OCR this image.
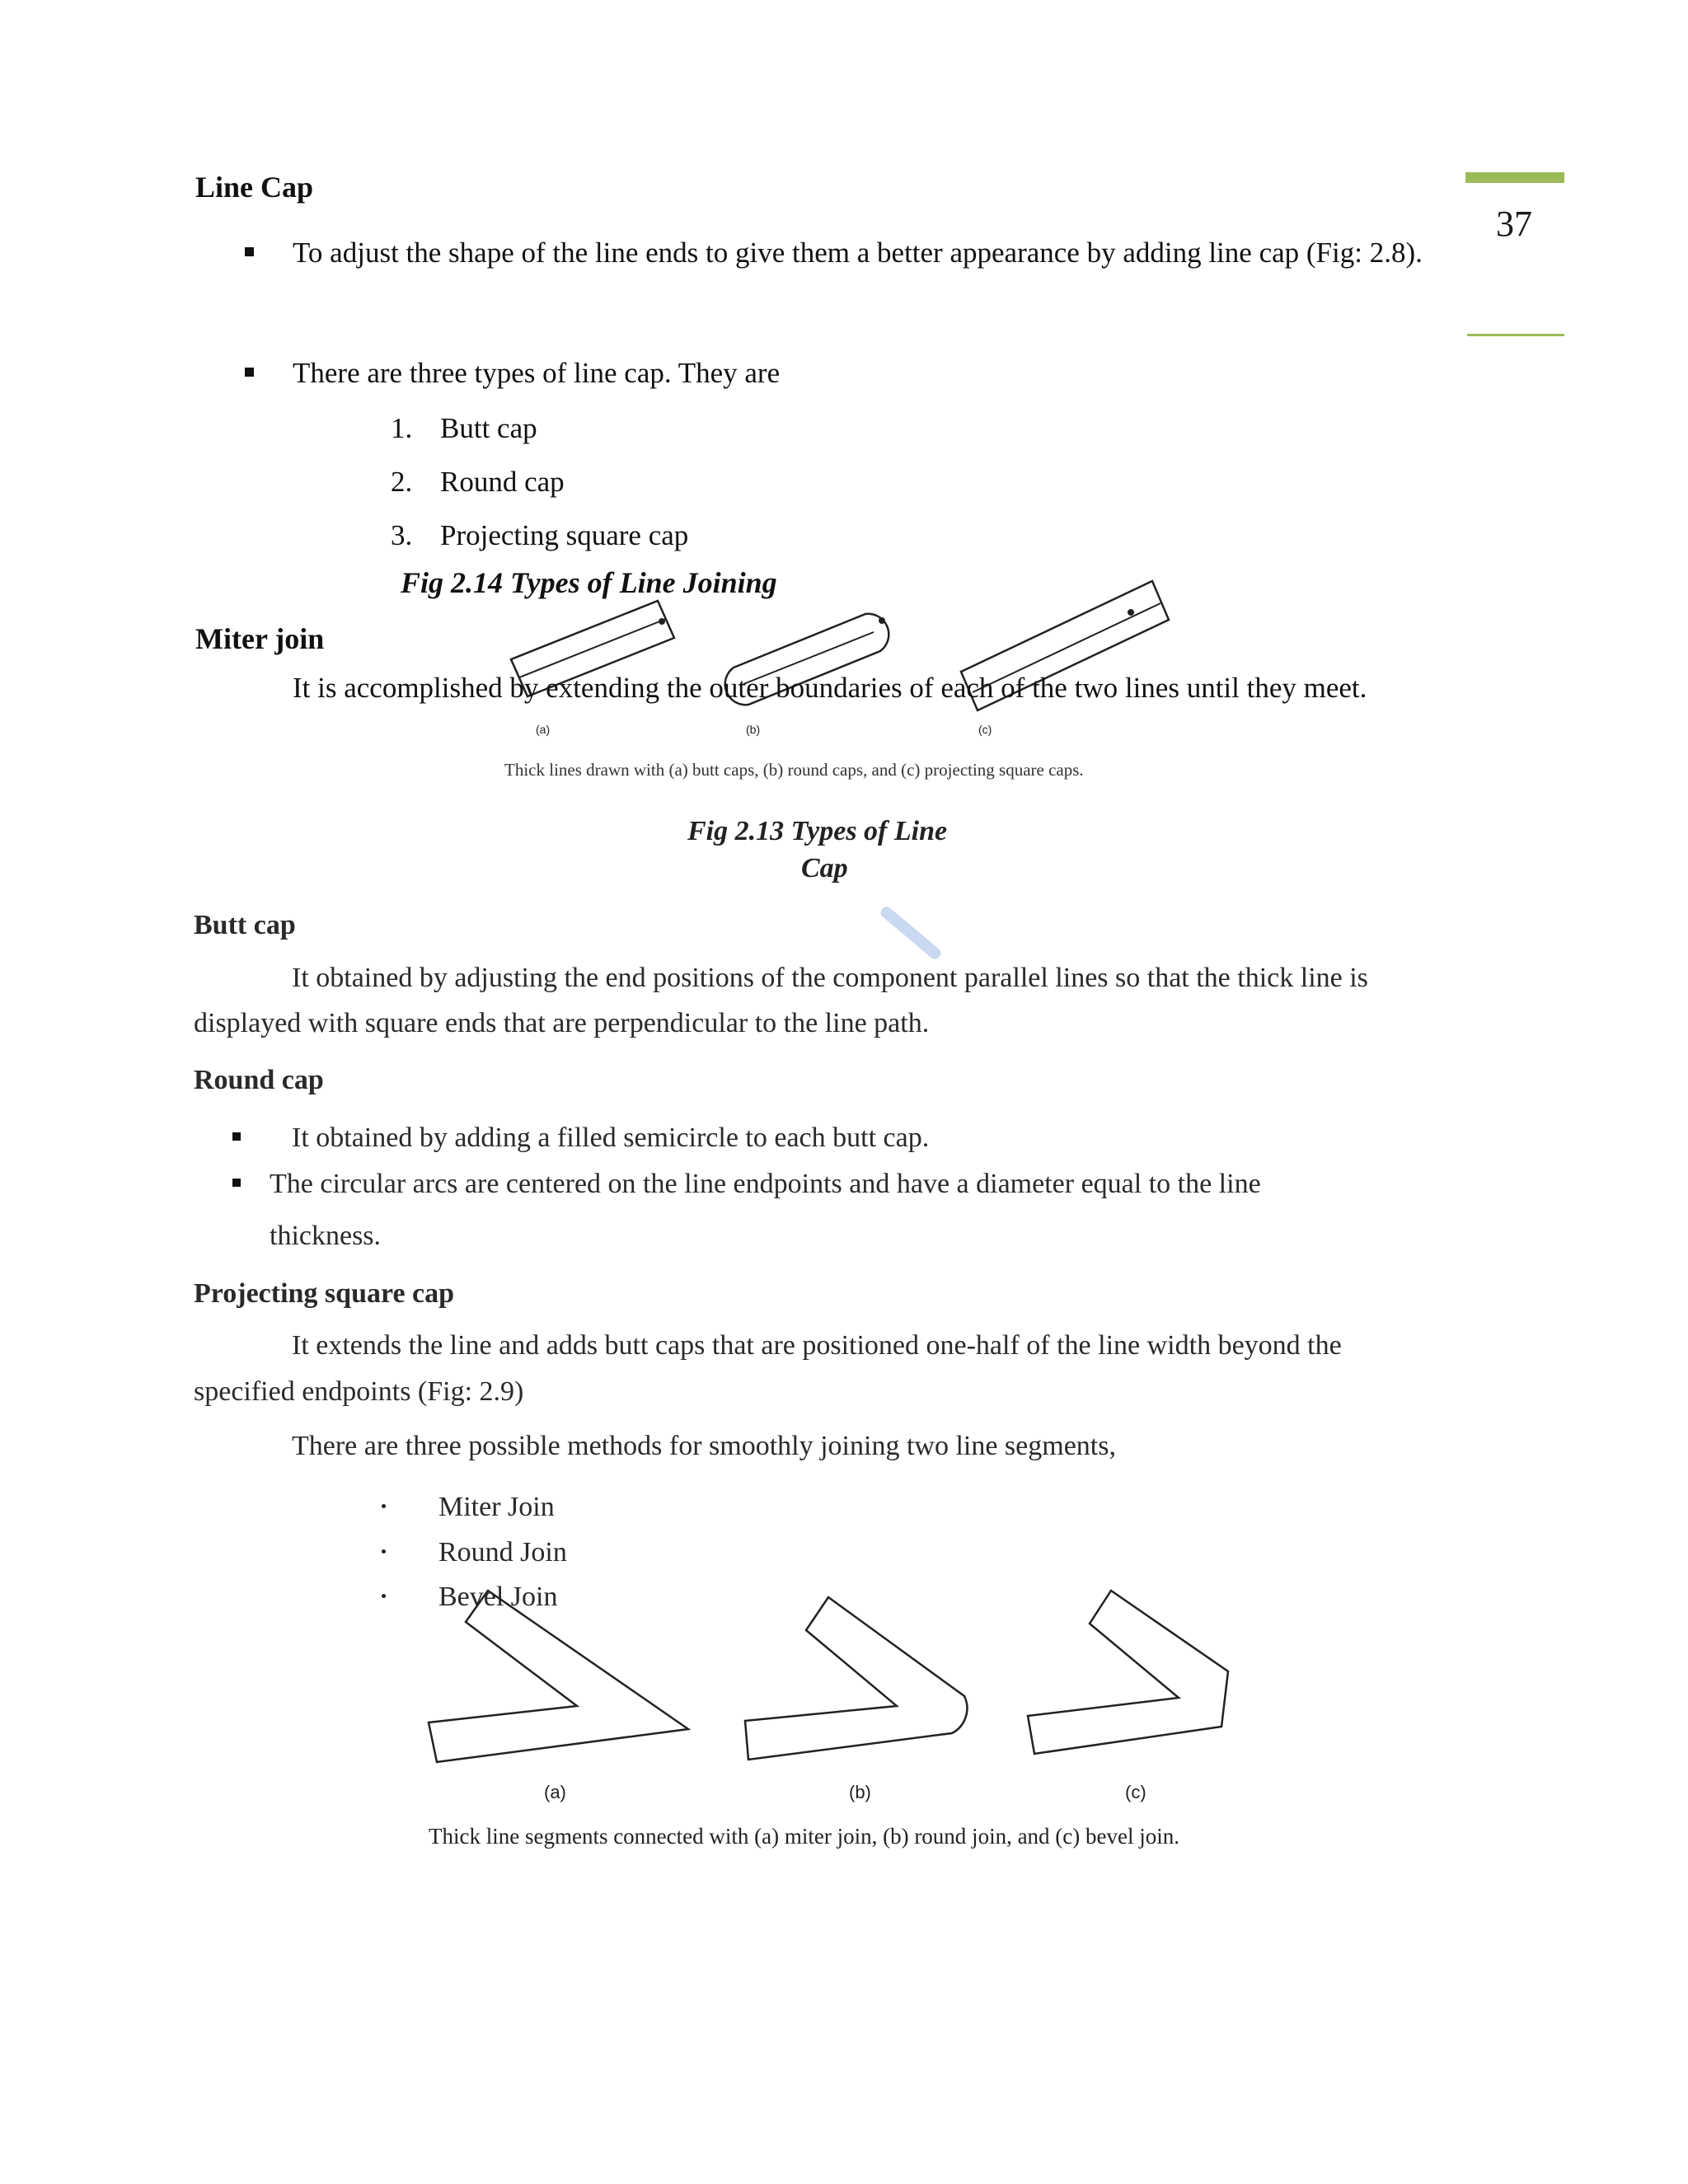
37
Line Cap
To adjust the shape of the line ends to give them a better appearance by adding line cap (Fig: 2.8).
There are three types of line cap. They are
1. Butt cap
2. Round cap
3. Projecting square cap
Fig 2.14 Types of Line Joining
(a)	(b)	(c)
Miter join
It is accomplished by extending the outer boundaries of each of the two lines until they meet.
Thick lines drawn with (a) butt caps, (b) round caps, and (c) projecting square caps.
Fig 2.13 Types of Line
Cap
Butt cap
It obtained by adjusting the end positions of the component parallel lines so that the thick line is
displayed with square ends that are perpendicular to the line path.
Round cap
It obtained by adding a filled semicircle to each butt cap.
The circular arcs are centered on the line endpoints and have a diameter equal to the line
thickness.
Projecting square cap
It extends the line and adds butt caps that are positioned one-half of the line width beyond the
specified endpoints (Fig: 2.9)
There are three possible methods for smoothly joining two line segments,
Miter Join
Round Join
Bevel Join
(a)	(b)	(c)
Thick line segments connected with (a) miter join, (b) round join, and (c) bevel join.
